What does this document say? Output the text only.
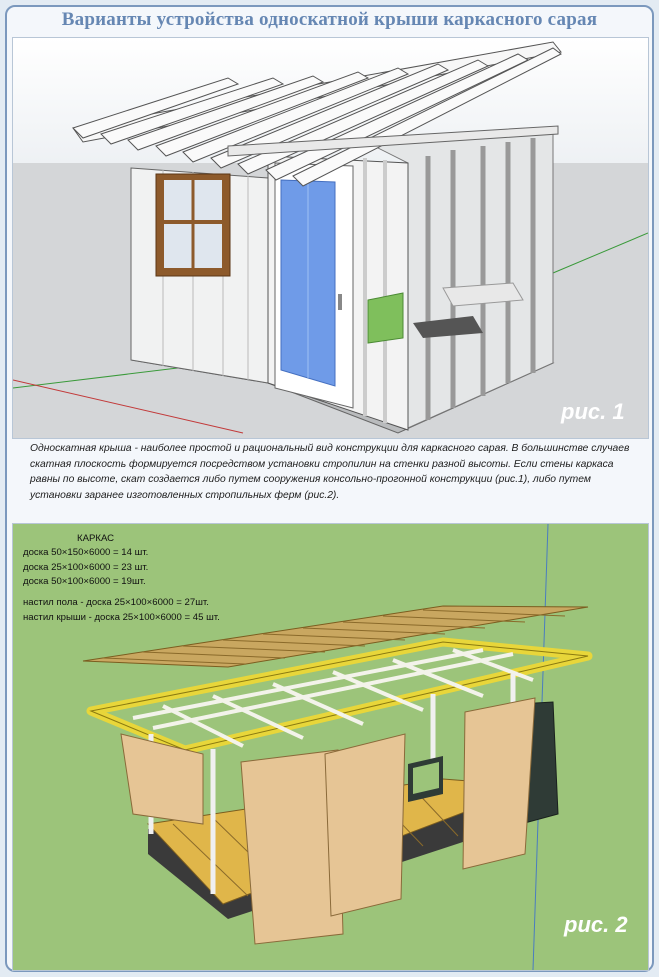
Варианты устройства односкатной крыши каркасного сарая
рис. 1
Односкатная крыша - наиболее простой и рациональный вид конструкции для каркасного сарая. В большинстве случаев скатная плоскость формируется посредством установки стропилин на стенки разной высоты. Если стены каркаса равны по высоте, скат создается либо путем сооружения консольно-прогонной конструкции (рис.1), либо путем установки заранее изготовленных стропильных ферм (рис.2).
КАРКАС
доска 50×150×6000 = 14 шт.
доска 25×100×6000 = 23 шт.
доска 50×100×6000 = 19шт.
настил пола - доска 25×100×6000 = 27шт.
настил крыши - доска 25×100×6000 = 45 шт.
рис. 2
